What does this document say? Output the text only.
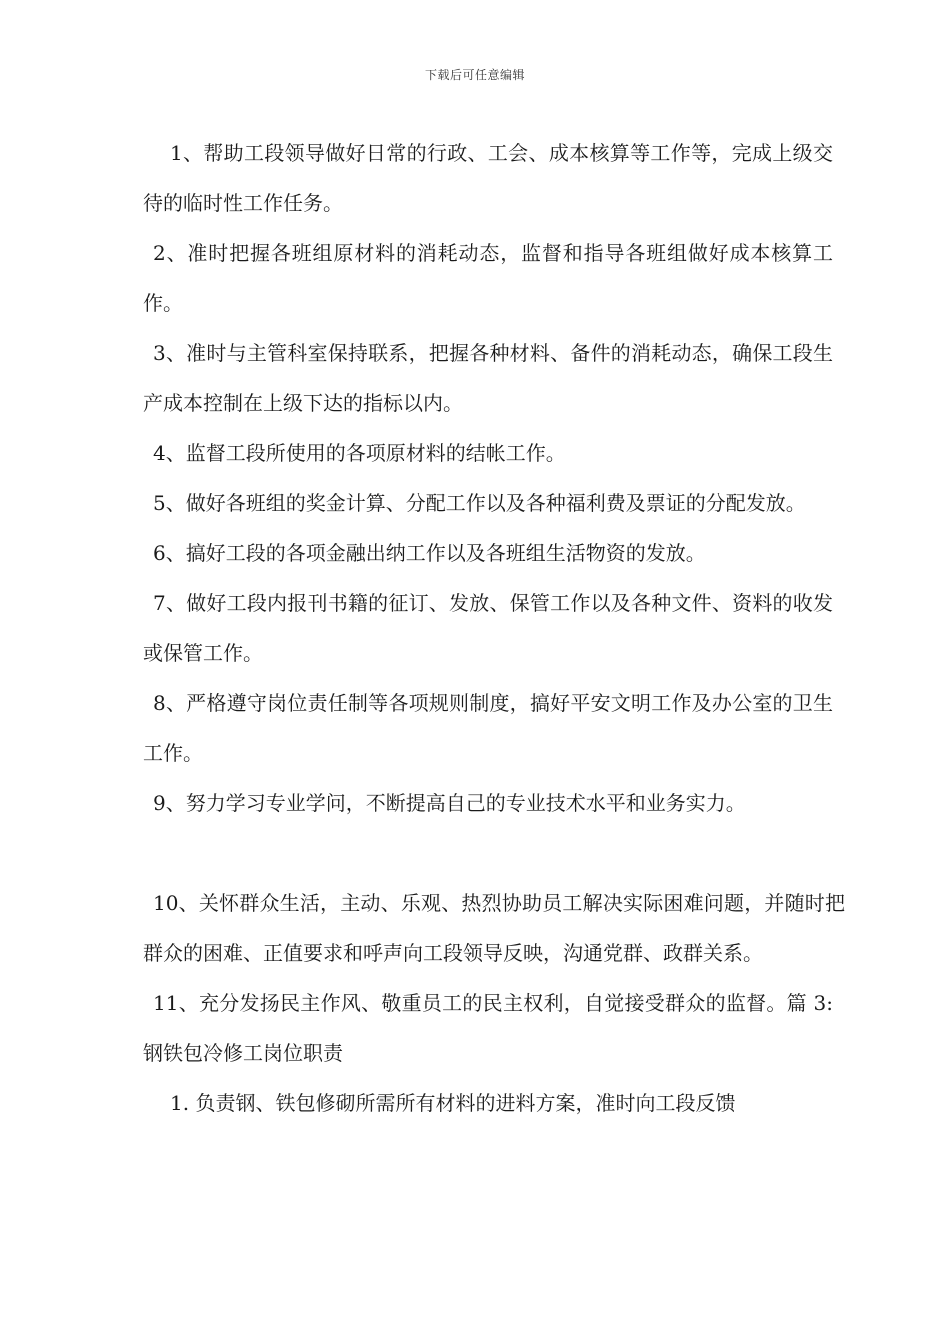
下载后可任意编辑

1、帮助工段领导做好日常的行政、工会、成本核算等工作等，完成上级交待的临时性工作任务。

2、准时把握各班组原材料的消耗动态，监督和指导各班组做好成本核算工作。

3、准时与主管科室保持联系，把握各种材料、备件的消耗动态，确保工段生产成本控制在上级下达的指标以内。

4、监督工段所使用的各项原材料的结帐工作。

5、做好各班组的奖金计算、分配工作以及各种福利费及票证的分配发放。

6、搞好工段的各项金融出纳工作以及各班组生活物资的发放。

7、做好工段内报刊书籍的征订、发放、保管工作以及各种文件、资料的收发或保管工作。

8、严格遵守岗位责任制等各项规则制度，搞好平安文明工作及办公室的卫生工作。

9、努力学习专业学问，不断提高自己的专业技术水平和业务实力。

10、关怀群众生活，主动、乐观、热烈协助员工解决实际困难问题，并随时把群众的困难、正值要求和呼声向工段领导反映，沟通党群、政群关系。

11、充分发扬民主作风、敬重员工的民主权利，自觉接受群众的监督。篇 3:钢铁包冷修工岗位职责

1. 负责钢、铁包修砌所需所有材料的进料方案，准时向工段反馈
